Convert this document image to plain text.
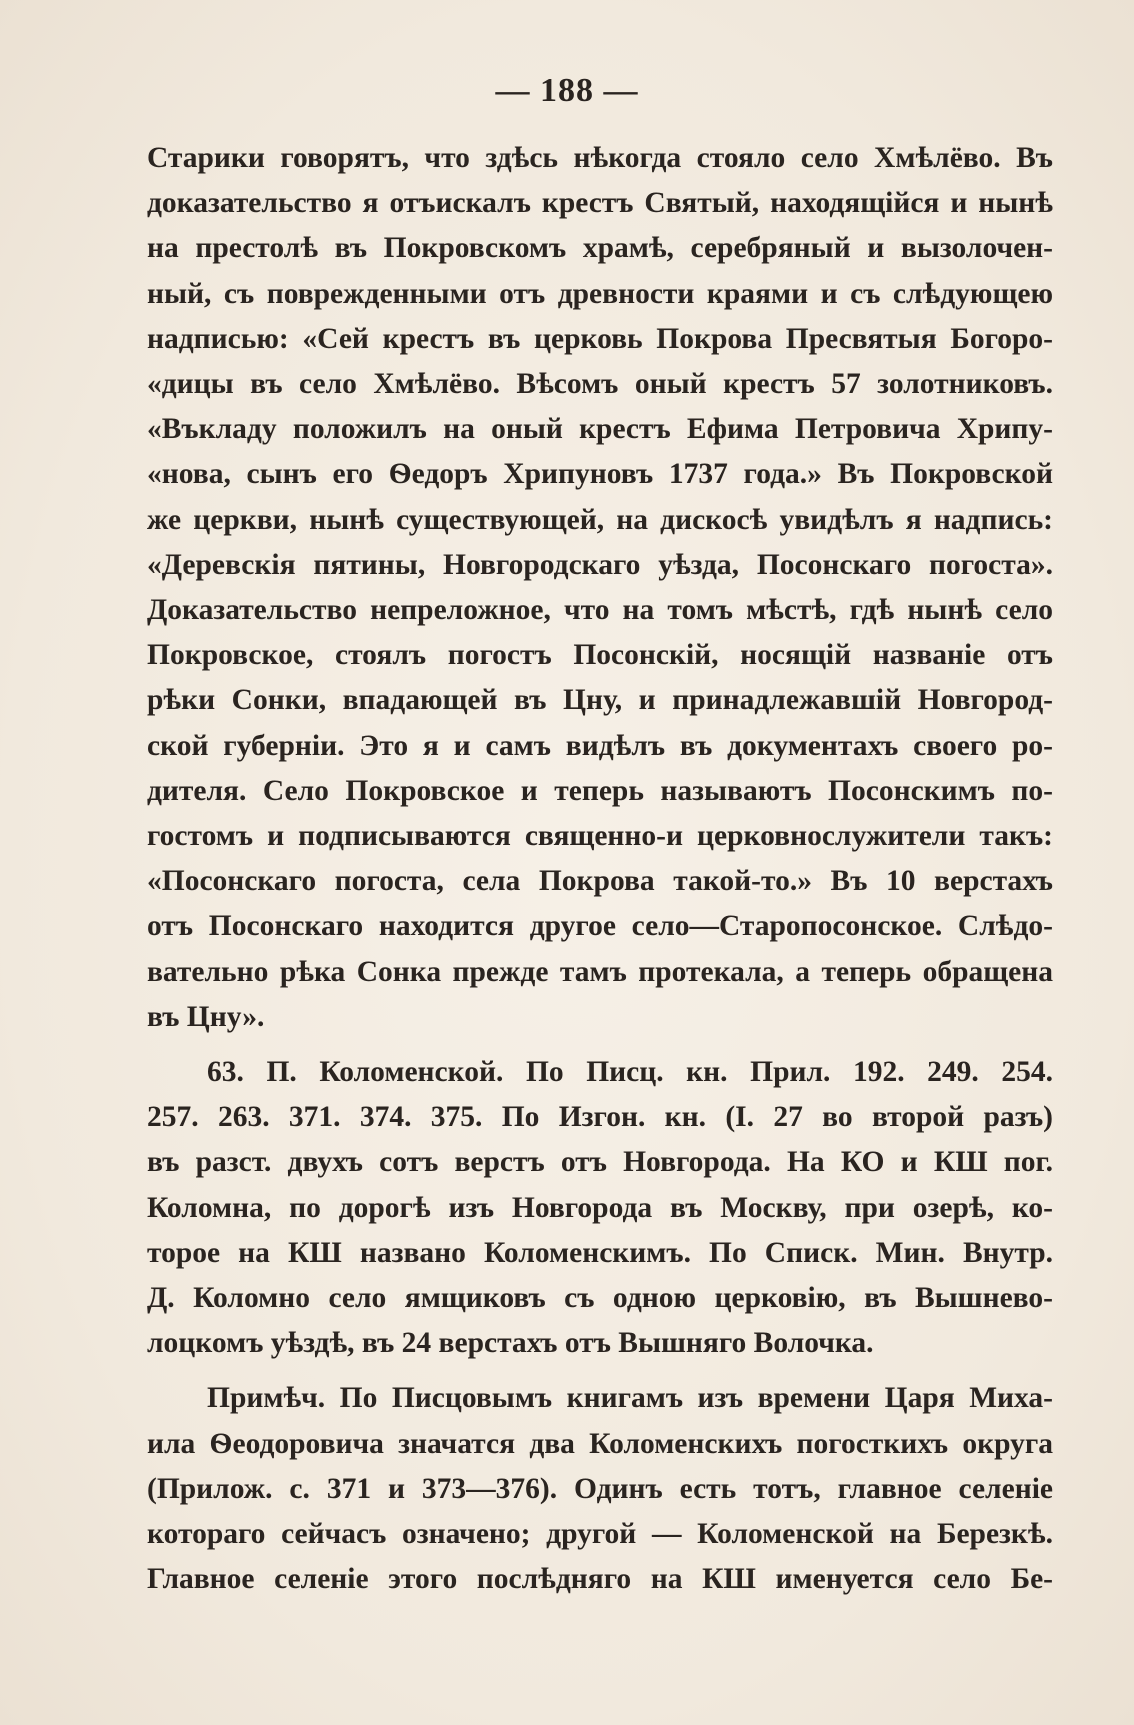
— 188 —
Старики говорятъ, что здѣсь нѣкогда стояло село Хмѣлёво. Въ
доказательство я отъискалъ крестъ Святый, находящійся и нынѣ
на престолѣ въ Покровскомъ храмѣ, серебряный и вызолочен-
ный, съ поврежденными отъ древности краями и съ слѣдующею
надписью: «Сей крестъ въ церковь Покрова Пресвятыя Богоро-
«дицы въ село Хмѣлёво. Вѣсомъ оный крестъ 57 золотниковъ.
«Въкладу положилъ на оный крестъ Ефима Петровича Хрипу-
«нова, сынъ его Ѳедоръ Хрипуновъ 1737 года.» Въ Покровской
же церкви, нынѣ существующей, на дискосѣ увидѣлъ я надпись:
«Деревскія пятины, Новгородскаго уѣзда, Посонскаго погоста».
Доказательство непреложное, что на томъ мѣстѣ, гдѣ нынѣ село
Покровское, стоялъ погостъ Посонскій, носящій названіе отъ
рѣки Сонки, впадающей въ Цну, и принадлежавшій Новгород-
ской губерніи. Это я и самъ видѣлъ въ документахъ своего ро-
дителя. Село Покровское и теперь называютъ Посонскимъ по-
гостомъ и подписываются священно-и церковнослужители такъ:
«Посонскаго погоста, села Покрова такой-то.» Въ 10 верстахъ
отъ Посонскаго находится другое село—Старопосонское. Слѣдо-
вательно рѣка Сонка прежде тамъ протекала, а теперь обращена
въ Цну».
63. П. Коломенской. По Писц. кн. Прил. 192. 249. 254.
257. 263. 371. 374. 375. По Изгон. кн. (I. 27 во второй разъ)
въ разст. двухъ сотъ верстъ отъ Новгорода. На КО и КШ пог.
Коломна, по дорогѣ изъ Новгорода въ Москву, при озерѣ, ко-
торое на КШ названо Коломенскимъ. По Списк. Мин. Внутр.
Д. Коломно село ямщиковъ съ одною церковію, въ Вышнево-
лоцкомъ уѣздѣ, въ 24 верстахъ отъ Вышняго Волочка.
Примѣч. По Писцовымъ книгамъ изъ времени Царя Миха-
ила Ѳеодоровича значатся два Коломенскихъ погосткихъ округа
(Прилож. с. 371 и 373—376). Одинъ есть тотъ, главное селеніе
котораго сейчасъ означено; другой — Коломенской на Березкѣ.
Главное селеніе этого послѣдняго на КШ именуется село Бе-
